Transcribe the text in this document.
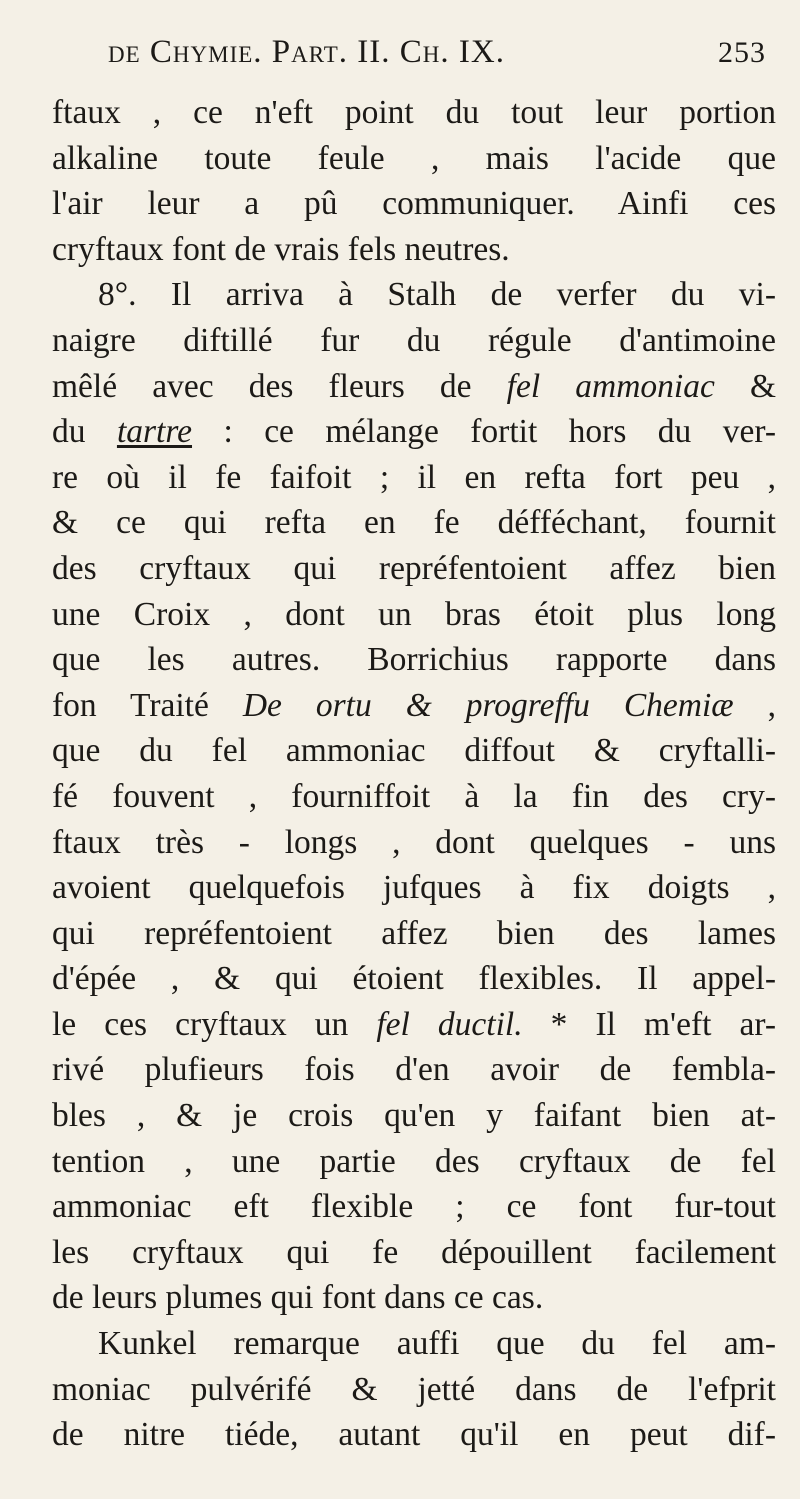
de Chymie. Part. II. Ch. IX.	253
ftaux , ce n'eft point du tout leur portion
alkaline toute feule , mais l'acide que
l'air leur a pû communiquer. Ainfi ces
cryftaux font de vrais fels neutres.
8°. Il arriva à Stalh de verfer du vi-
naigre diftillé fur du régule d'antimoine
mêlé avec des fleurs de fel ammoniac &
du tartre : ce mélange fortit hors du ver-
re où il fe faifoit ; il en refta fort peu ,
& ce qui refta en fe défféchant, fournit
des cryftaux qui repréfentoient affez bien
une Croix , dont un bras étoit plus long
que les autres. Borrichius rapporte dans
fon Traité De ortu & progreffu Chemiæ ,
que du fel ammoniac diffout & cryftalli-
fé fouvent , fourniffoit à la fin des cry-
ftaux très - longs , dont quelques - uns
avoient quelquefois jufques à fix doigts ,
qui repréfentoient affez bien des lames
d'épée , & qui étoient flexibles. Il appel-
le ces cryftaux un fel ductil. * Il m'eft ar-
rivé plufieurs fois d'en avoir de fembla-
bles , & je crois qu'en y faifant bien at-
tention , une partie des cryftaux de fel
ammoniac eft flexible ; ce font fur-tout
les cryftaux qui fe dépouillent facilement
de leurs plumes qui font dans ce cas.
Kunkel remarque auffi que du fel am-
moniac pulvérifé & jetté dans de l'efprit
de nitre tiéde, autant qu'il en peut dif-
